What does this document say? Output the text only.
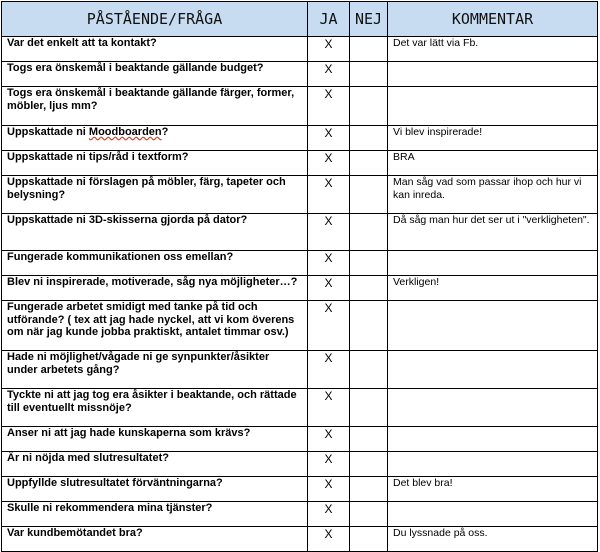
PÅSTÅENDE/FRÅGA	JA	NEJ	KOMMENTAR
Var det enkelt att ta kontakt?	X		Det var lätt via Fb.
Togs era önskemål i beaktande gällande budget?	X		
Togs era önskemål i beaktande gällande färger, former, möbler, ljus mm?	X		
Uppskattade ni Moodboarden?	X		Vi blev inspirerade!
Uppskattade ni tips/råd i textform?	X		BRA
Uppskattade ni förslagen på möbler, färg, tapeter och belysning?	X		Man såg vad som passar ihop och hur vi kan inreda.
Uppskattade ni 3D-skisserna gjorda på dator?	X		Då såg man hur det ser ut i "verkligheten".
Fungerade kommunikationen oss emellan?	X		
Blev ni inspirerade, motiverade, såg nya möjligheter…?	X		Verkligen!
Fungerade arbetet smidigt med tanke på tid och utförande? ( tex att jag hade nyckel, att vi kom överens om när jag kunde jobba praktiskt, antalet timmar osv.)	X		
Hade ni möjlighet/vågade ni ge synpunkter/åsikter under arbetets gång?	X		
Tyckte ni att jag tog era åsikter i beaktande, och rättade till eventuellt missnöje?	X		
Anser ni att jag hade kunskaperna som krävs?	X		
Är ni nöjda med slutresultatet?	X		
Uppfyllde slutresultatet förväntningarna?	X		Det blev bra!
Skulle ni rekommendera mina tjänster?	X		
Var kundbemötandet bra?	X		Du lyssnade på oss.
